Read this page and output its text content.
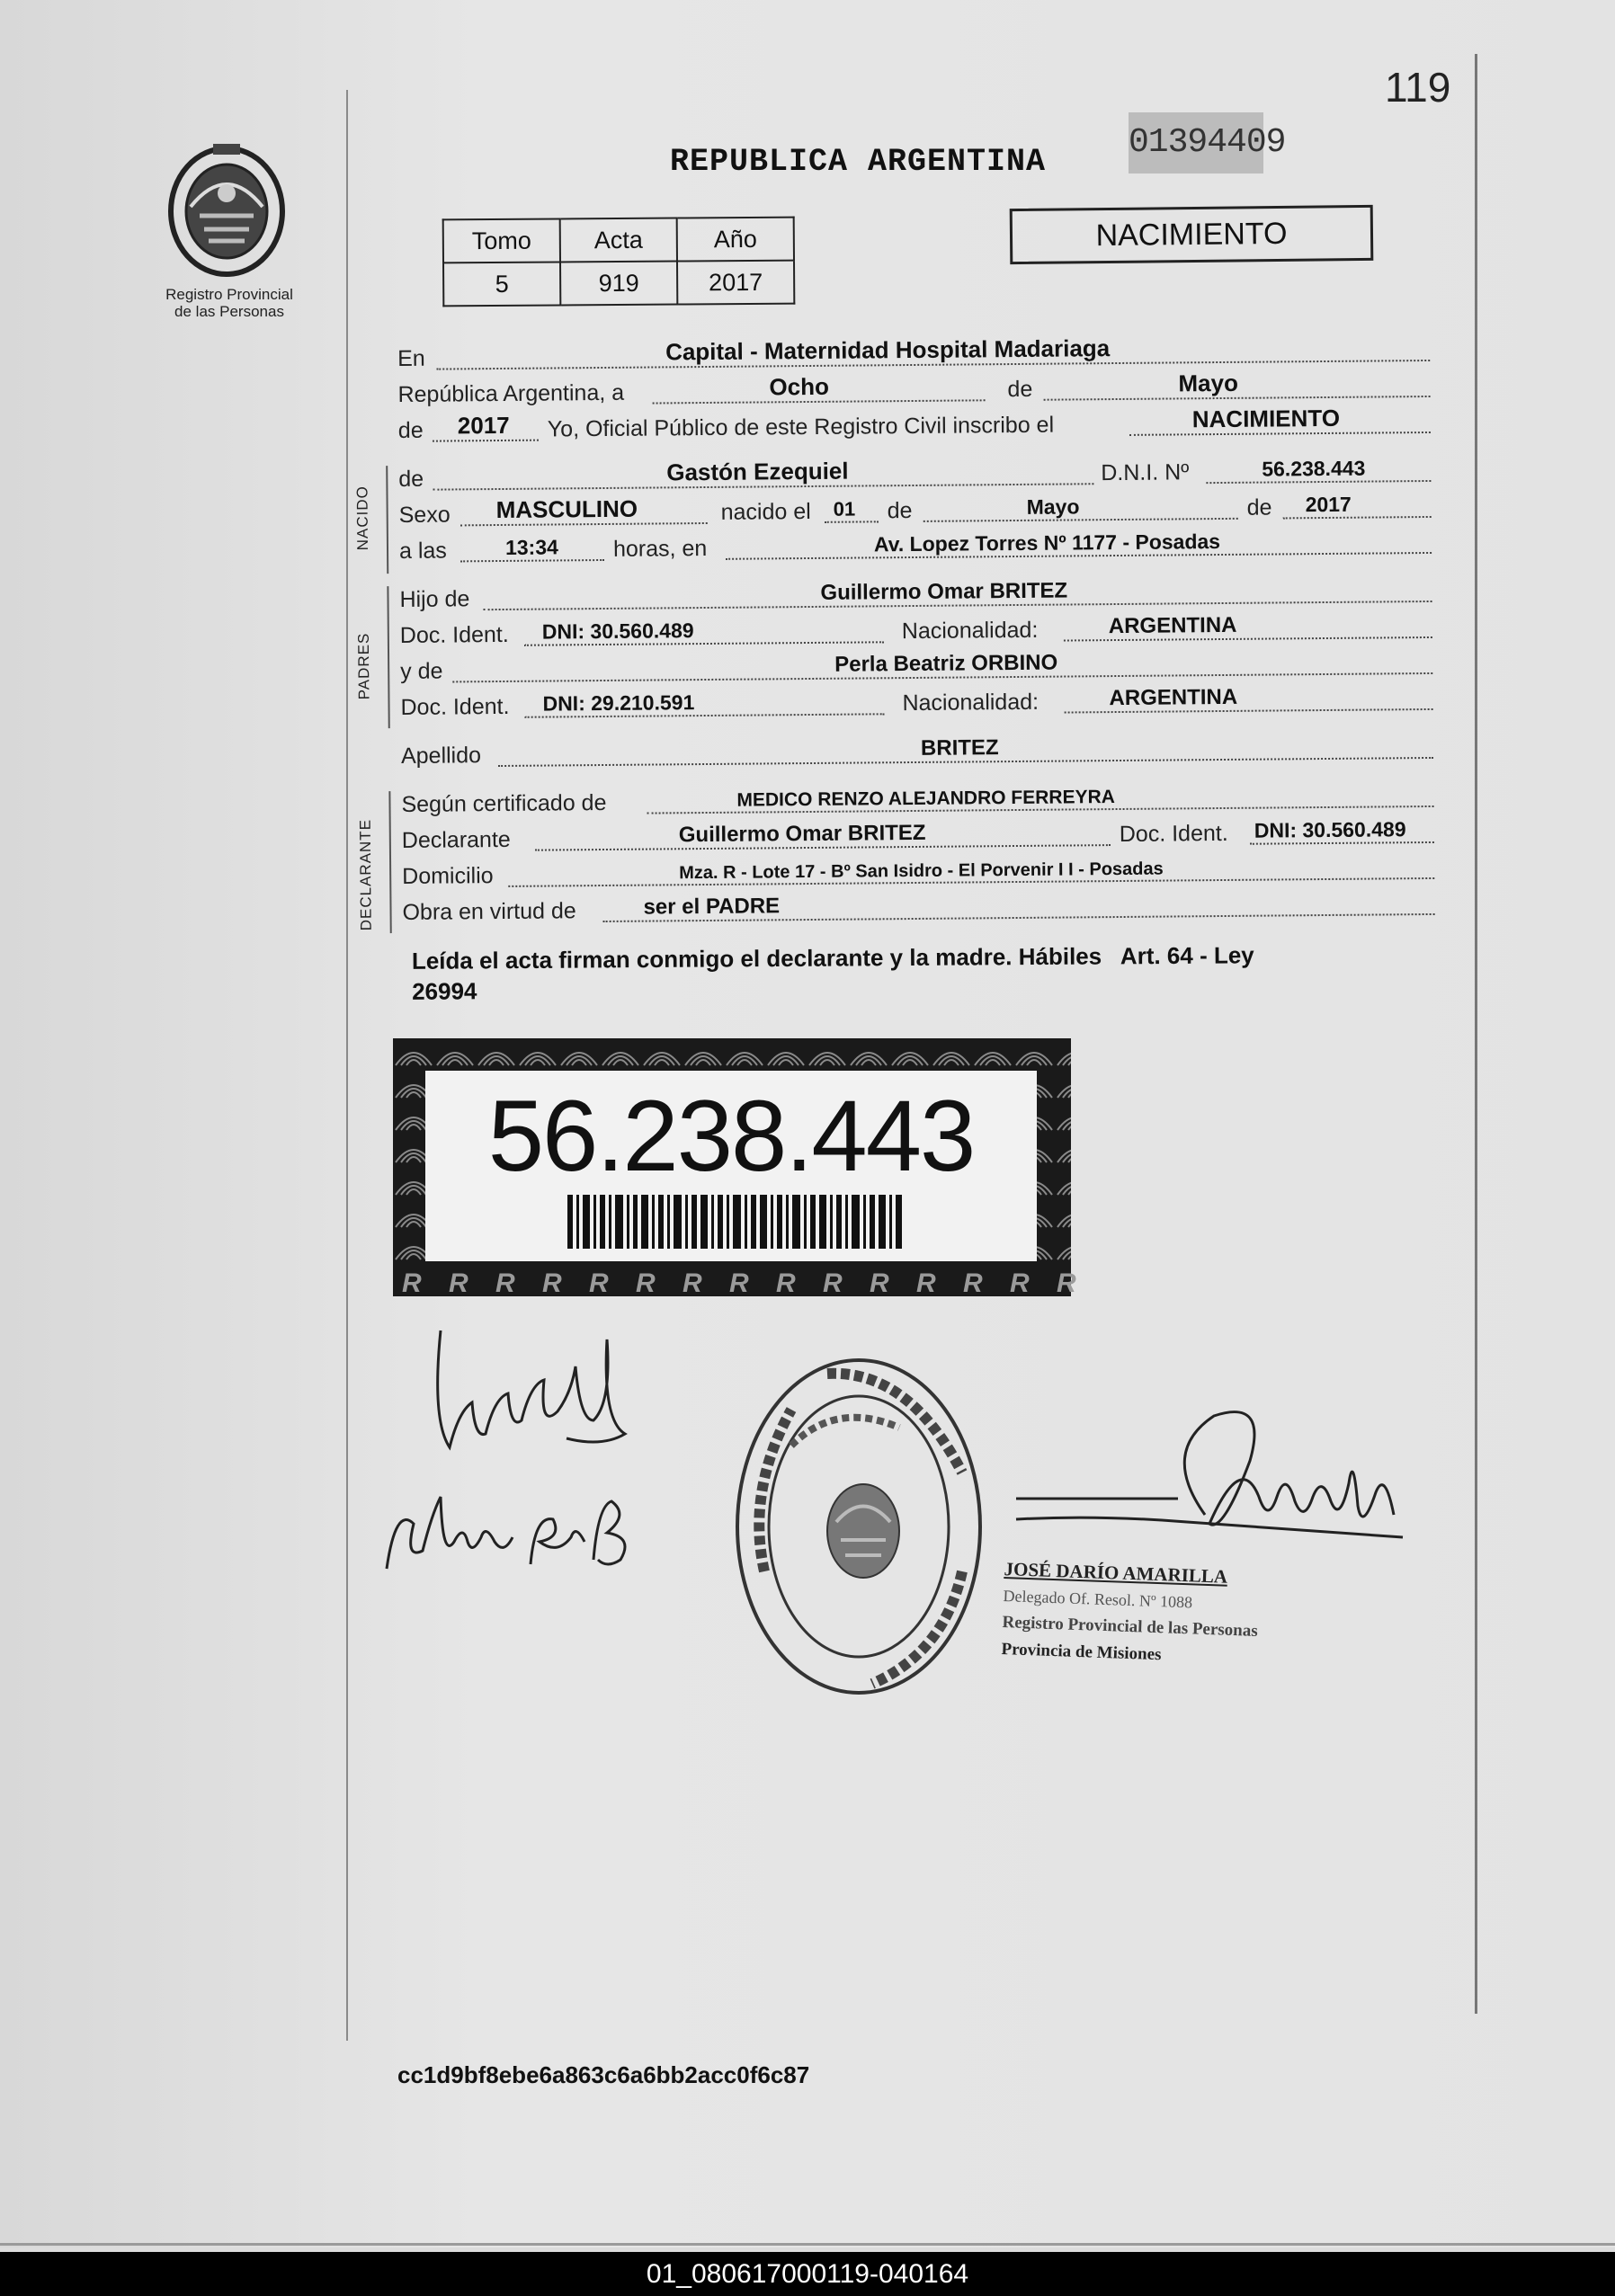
119
Registro Provincial
de las Personas
REPUBLICA ARGENTINA 01394409
Tomo	Acta	Año
5	919	2017
NACIMIENTO
En	Capital - Maternidad Hospital Madariaga
República Argentina, a	Ocho	de	Mayo
de 2017 Yo, Oficial Público de este Registro Civil inscribo el	NACIMIENTO
de	Gastón Ezequiel	D.N.I. Nº	56.238.443
Sexo MASCULINO	nacido el 01 de	Mayo	de 2017
a las	13:34 horas, en	Av. Lopez Torres Nº 1177 - Posadas
Hijo de	Guillermo Omar BRITEZ
Doc. Ident. DNI: 30.560.489	Nacionalidad:	ARGENTINA
y de	Perla Beatriz ORBINO
Doc. Ident. DNI: 29.210.591	Nacionalidad:	ARGENTINA
Apellido	BRITEZ
Según certificado de	MEDICO RENZO ALEJANDRO FERREYRA
Declarante	Guillermo Omar BRITEZ	Doc. Ident. DNI: 30.560.489
Domicilio	Mza. R - Lote 17 - Bº San Isidro - El Porvenir I I - Posadas
Obra en virtud de	ser el PADRE
NACIDO
PADRES
DECLARANTE
Leída el acta firman conmigo el declarante y la madre. Hábiles   Art. 64 - Ley
26994
R R R R R R R R R R R R R R R
56.238.443
JOSÉ DARÍO AMARILLA
Delegado Of. Resol. Nº 1088
Registro Provincial de las Personas
Provincia de Misiones
cc1d9bf8ebe6a863c6a6bb2acc0f6c87
01_080617000119-040164
